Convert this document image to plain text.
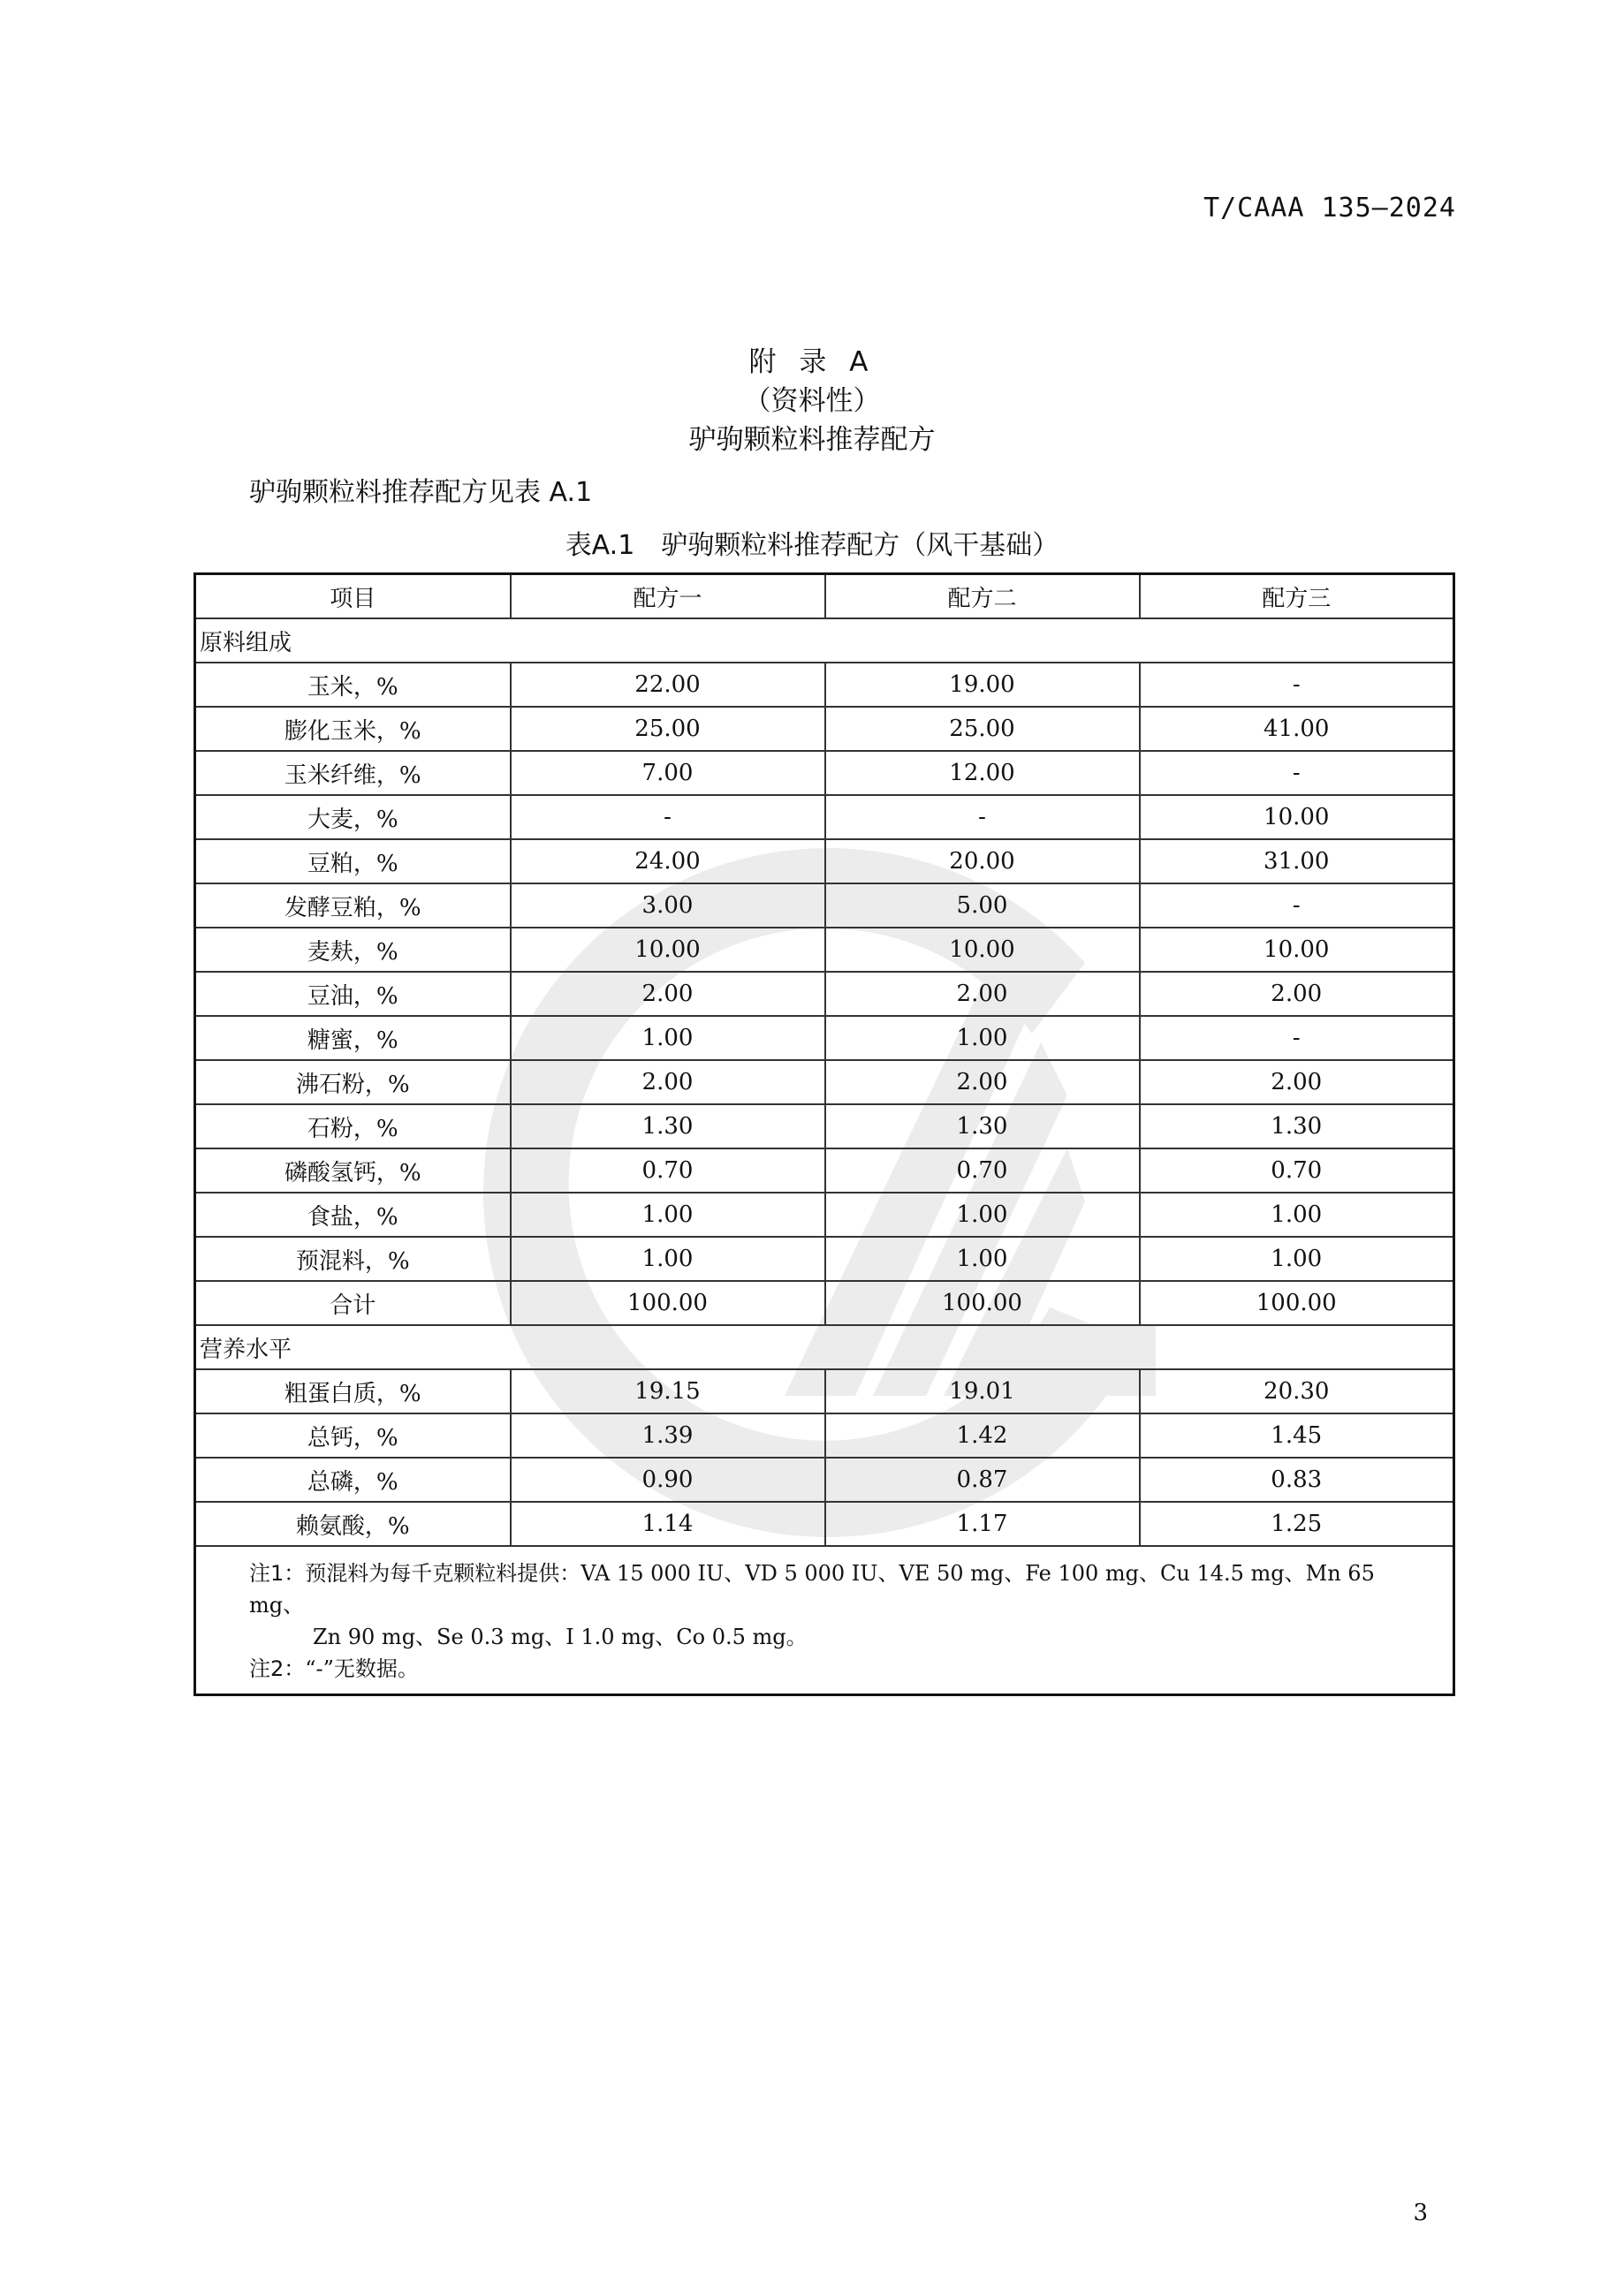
T/CAAA 135—2024
附 录 A
（资料性）
驴驹颗粒料推荐配方
驴驹颗粒料推荐配方见表 A.1
表A.1　驴驹颗粒料推荐配方（风干基础）
项目	配方一	配方二	配方三
原料组成			
玉米，%	22.00	19.00	-
膨化玉米，%	25.00	25.00	41.00
玉米纤维，%	7.00	12.00	-
大麦，%	-	-	10.00
豆粕，%	24.00	20.00	31.00
发酵豆粕，%	3.00	5.00	-
麦麸，%	10.00	10.00	10.00
豆油，%	2.00	2.00	2.00
糖蜜，%	1.00	1.00	-
沸石粉，%	2.00	2.00	2.00
石粉，%	1.30	1.30	1.30
磷酸氢钙，%	0.70	0.70	0.70
食盐，%	1.00	1.00	1.00
预混料，%	1.00	1.00	1.00
合计	100.00	100.00	100.00
营养水平			
粗蛋白质，%	19.15	19.01	20.30
总钙，%	1.39	1.42	1.45
总磷，%	0.90	0.87	0.83
赖氨酸，%	1.14	1.17	1.25

注1：预混料为每千克颗粒料提供：VA 15 000 IU、VD 5 000 IU、VE 50 mg、Fe 100 mg、Cu 14.5 mg、Mn 65 mg、
Zn 90 mg、Se 0.3 mg、I 1.0 mg、Co 0.5 mg。
注2：“-”无数据。			
3
